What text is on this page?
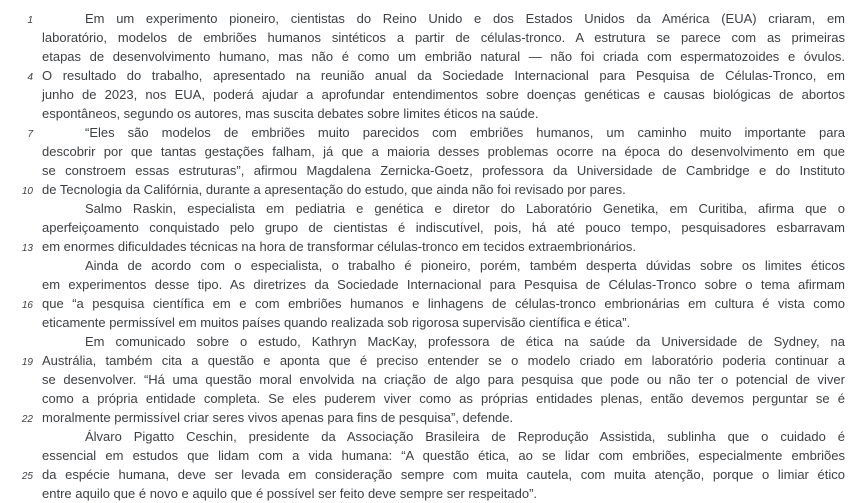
1	Em um experimento pioneiro, cientistas do Reino Unido e dos Estados Unidos da América (EUA) criaram, em
laboratório, modelos de embriões humanos sintéticos a partir de células-tronco. A estrutura se parece com as primeiras
etapas de desenvolvimento humano, mas não é como um embrião natural — não foi criada com espermatozoides e óvulos.
4 O resultado do trabalho, apresentado na reunião anual da Sociedade Internacional para Pesquisa de Células-Tronco, em
junho de 2023, nos EUA, poderá ajudar a aprofundar entendimentos sobre doenças genéticas e causas biológicas de abortos
espontâneos, segundo os autores, mas suscita debates sobre limites éticos na saúde.
7	“Eles são modelos de embriões muito parecidos com embriões humanos, um caminho muito importante para
descobrir por que tantas gestações falham, já que a maioria desses problemas ocorre na época do desenvolvimento em que
se constroem essas estruturas”, afirmou Magdalena Zernicka-Goetz, professora da Universidade de Cambridge e do Instituto
10 de Tecnologia da Califórnia, durante a apresentação do estudo, que ainda não foi revisado por pares.
Salmo Raskin, especialista em pediatria e genética e diretor do Laboratório Genetika, em Curitiba, afirma que o
aperfeiçoamento conquistado pelo grupo de cientistas é indiscutível, pois, há até pouco tempo, pesquisadores esbarravam
13 em enormes dificuldades técnicas na hora de transformar células-tronco em tecidos extraembrionários.
Ainda de acordo com o especialista, o trabalho é pioneiro, porém, também desperta dúvidas sobre os limites éticos
em experimentos desse tipo. As diretrizes da Sociedade Internacional para Pesquisa de Células-Tronco sobre o tema afirmam
16 que “a pesquisa científica em e com embriões humanos e linhagens de células-tronco embrionárias em cultura é vista como
eticamente permissível em muitos países quando realizada sob rigorosa supervisão científica e ética”.
Em comunicado sobre o estudo, Kathryn MacKay, professora de ética na saúde da Universidade de Sydney, na
19 Austrália, também cita a questão e aponta que é preciso entender se o modelo criado em laboratório poderia continuar a
se desenvolver. “Há uma questão moral envolvida na criação de algo para pesquisa que pode ou não ter o potencial de viver
como a própria entidade completa. Se eles puderem viver como as próprias entidades plenas, então devemos perguntar se é
22 moralmente permissível criar seres vivos apenas para fins de pesquisa”, defende.
Álvaro Pigatto Ceschin, presidente da Associação Brasileira de Reprodução Assistida, sublinha que o cuidado é
essencial em estudos que lidam com a vida humana: “A questão ética, ao se lidar com embriões, especialmente embriões
25 da espécie humana, deve ser levada em consideração sempre com muita cautela, com muita atenção, porque o limiar ético
entre aquilo que é novo e aquilo que é possível ser feito deve sempre ser respeitado”.
